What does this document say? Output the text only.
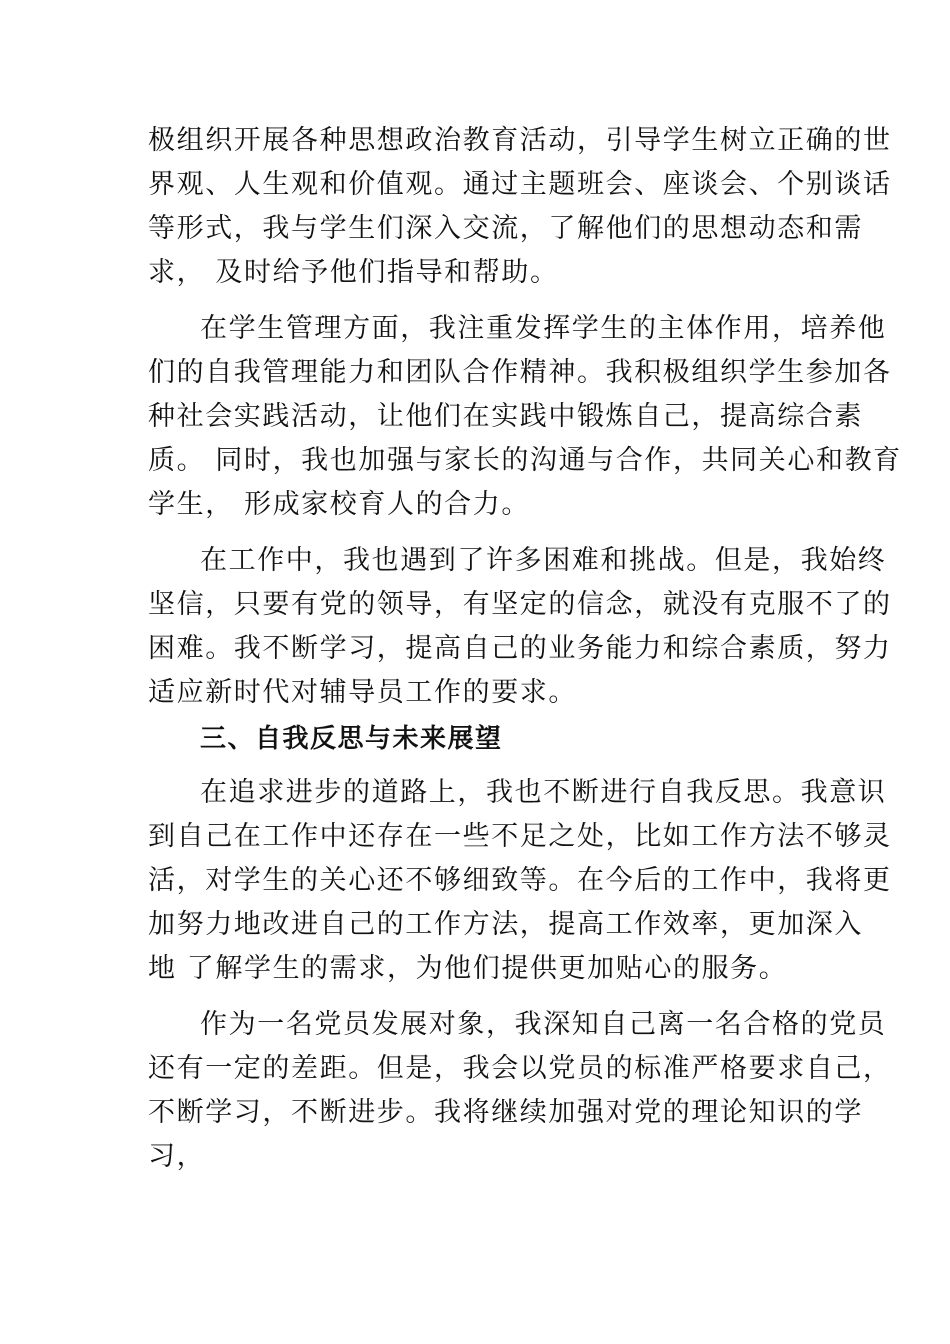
极组织开展各种思想政治教育活动，引导学生树立正确的世
界观、人生观和价值观。通过主题班会、座谈会、个别谈话
等形式，我与学生们深入交流，了解他们的思想动态和需
求， 及时给予他们指导和帮助。
在学生管理方面，我注重发挥学生的主体作用，培养他
们的自我管理能力和团队合作精神。我积极组织学生参加各
种社会实践活动，让他们在实践中锻炼自己，提高综合素
质。 同时，我也加强与家长的沟通与合作，共同关心和教育
学生， 形成家校育人的合力。
在工作中，我也遇到了许多困难和挑战。但是，我始终
坚信，只要有党的领导，有坚定的信念，就没有克服不了的
困难。我不断学习，提高自己的业务能力和综合素质，努力
适应新时代对辅导员工作的要求。
三、自我反思与未来展望
在追求进步的道路上，我也不断进行自我反思。我意识
到自己在工作中还存在一些不足之处，比如工作方法不够灵
活，对学生的关心还不够细致等。在今后的工作中，我将更
加努力地改进自己的工作方法，提高工作效率，更加深入
地 了解学生的需求，为他们提供更加贴心的服务。
作为一名党员发展对象，我深知自己离一名合格的党员
还有一定的差距。但是，我会以党员的标准严格要求自己，
不断学习，不断进步。我将继续加强对党的理论知识的学
习，
